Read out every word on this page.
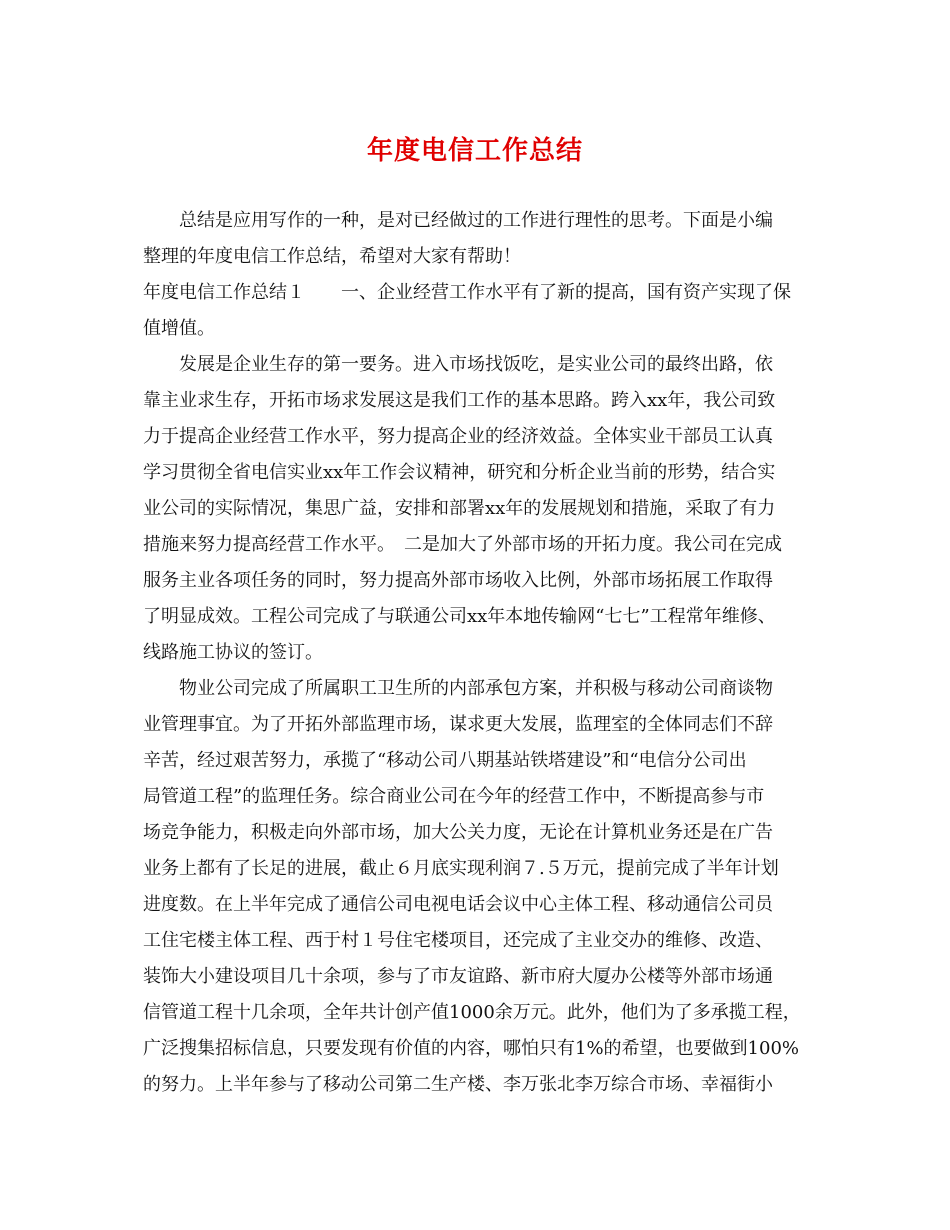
年度电信工作总结
总结是应用写作的一种，是对已经做过的工作进行理性的思考。下面是小编
整理的年度电信工作总结，希望对大家有帮助！
年度电信工作总结１　　一、企业经营工作水平有了新的提高，国有资产实现了保
值增值。
发展是企业生存的第一要务。进入市场找饭吃，是实业公司的最终出路，依
靠主业求生存，开拓市场求发展这是我们工作的基本思路。跨入xx年，我公司致
力于提高企业经营工作水平，努力提高企业的经济效益。全体实业干部员工认真
学习贯彻全省电信实业xx年工作会议精神，研究和分析企业当前的形势，结合实
业公司的实际情况，集思广益，安排和部署xx年的发展规划和措施，采取了有力
措施来努力提高经营工作水平。　二是加大了外部市场的开拓力度。我公司在完成
服务主业各项任务的同时，努力提高外部市场收入比例，外部市场拓展工作取得
了明显成效。工程公司完成了与联通公司xx年本地传输网“七七”工程常年维修、
线路施工协议的签订。
物业公司完成了所属职工卫生所的内部承包方案，并积极与移动公司商谈物
业管理事宜。为了开拓外部监理市场，谋求更大发展，监理室的全体同志们不辞
辛苦，经过艰苦努力，承揽了“移动公司八期基站铁塔建设”和“电信分公司出
局管道工程”的监理任务。综合商业公司在今年的经营工作中，不断提高参与市
场竞争能力，积极走向外部市场，加大公关力度，无论在计算机业务还是在广告
业务上都有了长足的进展，截止６月底实现利润７.５万元，提前完成了半年计划
进度数。在上半年完成了通信公司电视电话会议中心主体工程、移动通信公司员
工住宅楼主体工程、西于村１号住宅楼项目，还完成了主业交办的维修、改造、
装饰大小建设项目几十余项，参与了市友谊路、新市府大厦办公楼等外部市场通
信管道工程十几余项，全年共计创产值1000余万元。此外，他们为了多承揽工程，
广泛搜集招标信息，只要发现有价值的内容，哪怕只有1%的希望，也要做到100%
的努力。上半年参与了移动公司第二生产楼、李万张北李万综合市场、幸福街小
